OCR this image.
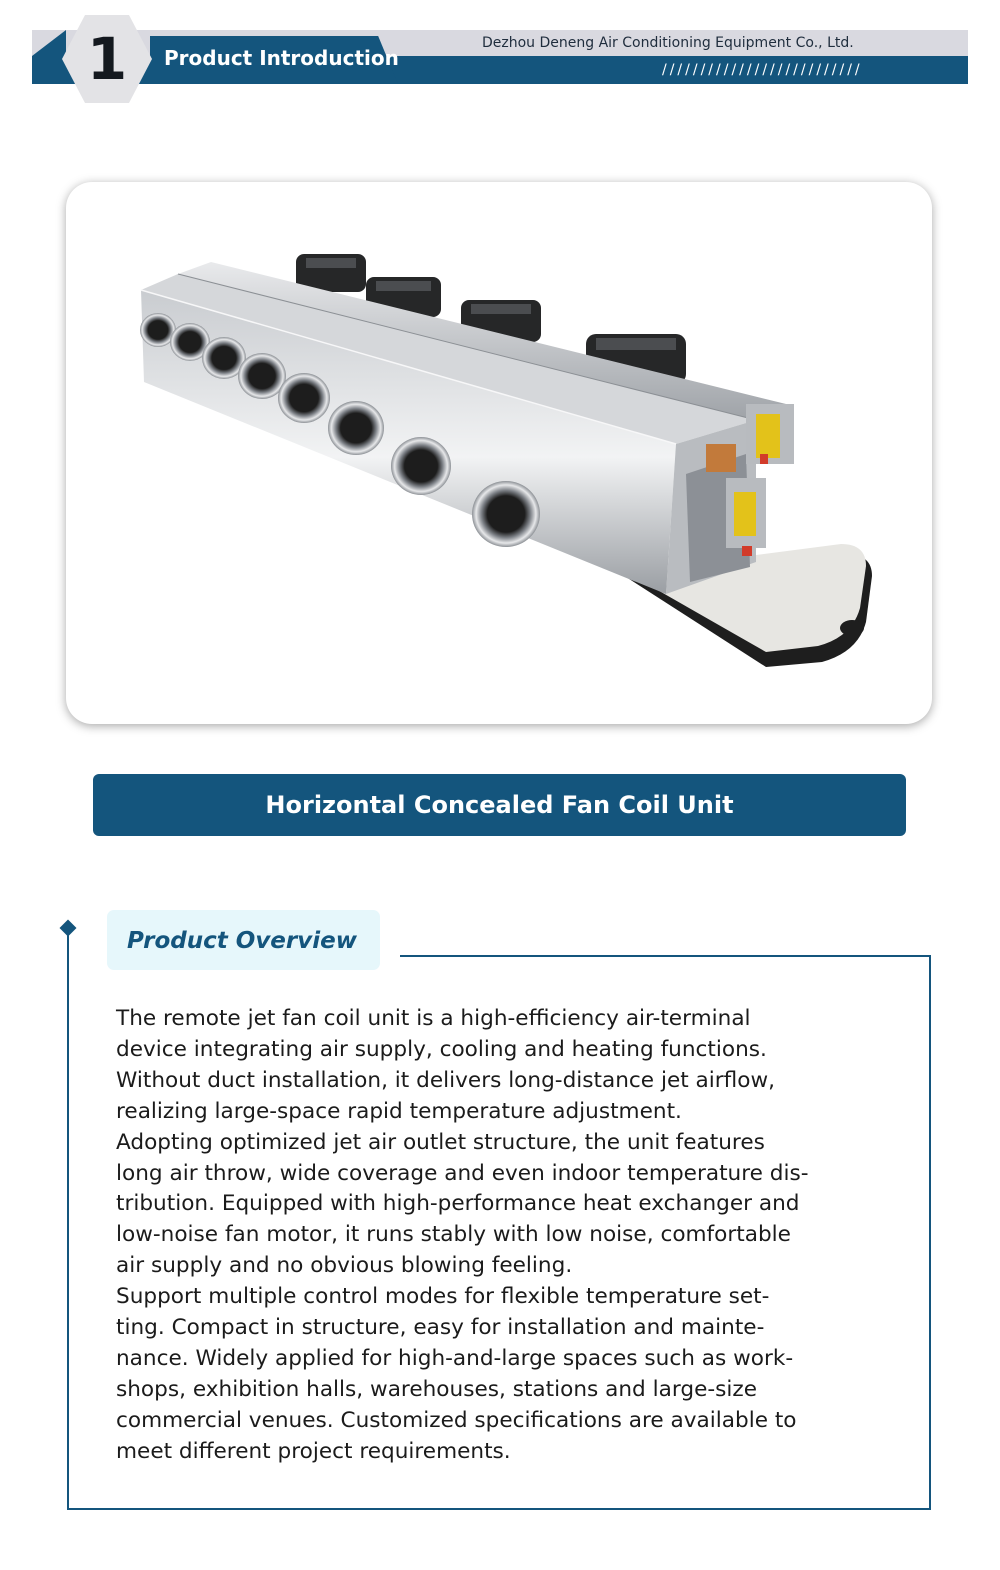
Product Introduction
Dezhou Deneng Air Conditioning Equipment Co., Ltd.
//////////////////////////
1
Horizontal Concealed Fan Coil Unit
Product Overview
The remote jet fan coil unit is a high-efficiency air-terminal
device integrating air supply, cooling and heating functions.
Without duct installation, it delivers long-distance jet airflow,
realizing large-space rapid temperature adjustment.
Adopting optimized jet air outlet structure, the unit features
long air throw, wide coverage and even indoor temperature dis-
tribution. Equipped with high-performance heat exchanger and
low-noise fan motor, it runs stably with low noise, comfortable
air supply and no obvious blowing feeling.
Support multiple control modes for flexible temperature set-
ting. Compact in structure, easy for installation and mainte-
nance. Widely applied for high-and-large spaces such as work-
shops, exhibition halls, warehouses, stations and large-size
commercial venues. Customized specifications are available to
meet different project requirements.
